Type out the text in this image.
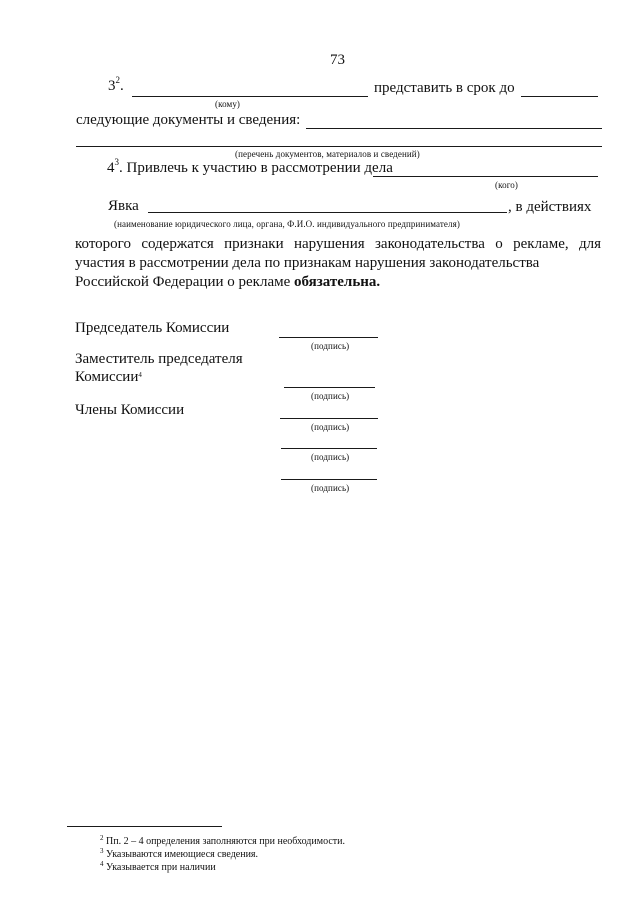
73
$3^2$.	представить в срок до
(кому)
следующие документы и сведения:
(перечень документов, материалов и сведений)
$4^3$. Привлечь к участию в рассмотрении дела
(кого)
Явка	, в действиях
(наименование юридического лица, органа, Ф.И.О. индивидуального предпринимателя)
которого содержатся признаки нарушения законодательства о рекламе, для участия в рассмотрении дела по признакам нарушения законодательства
Российской Федерации о рекламе обязательна.
Председатель Комиссии
(подпись)
Заместитель председателя
Комиссии$^4$
(подпись)
Члены Комиссии
(подпись)
(подпись)
(подпись)
$^2$ Пп. 2 – 4 определения заполняются при необходимости.
$^3$ Указываются имеющиеся сведения.
$^4$ Указывается при наличии
